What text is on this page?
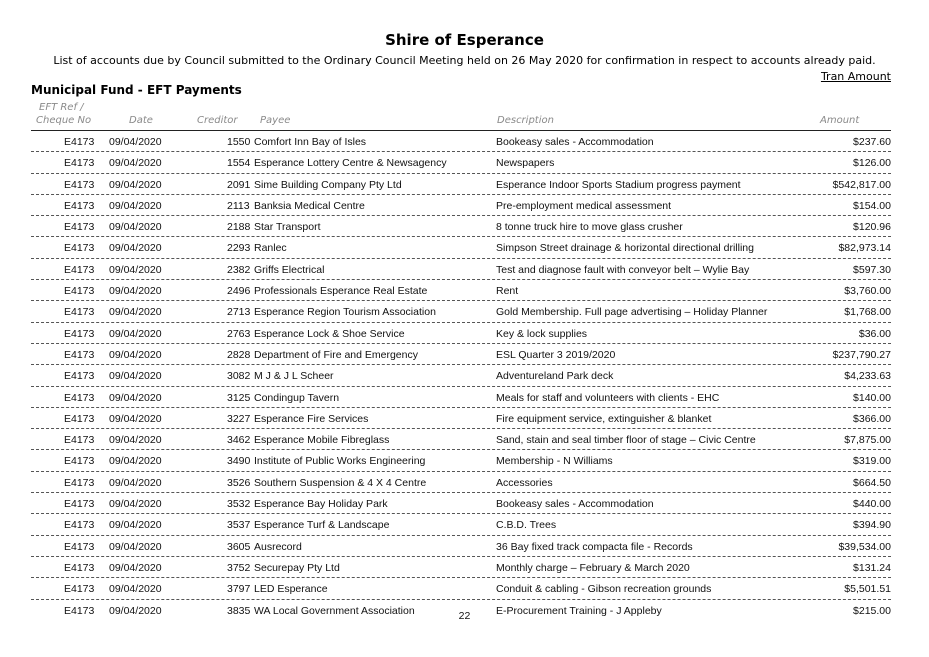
Shire of Esperance
List of accounts due by Council submitted to the Ordinary Council Meeting held on 26 May 2020 for confirmation in respect to accounts already paid.
Tran Amount
Municipal Fund - EFT Payments
EFT Ref /
Cheque No	Date	Creditor Payee	Description	Amount
E4173 09/04/2020	1550 Comfort Inn Bay of Isles	Bookeasy sales - Accommodation	$237.60
E4173 09/04/2020	1554 Esperance Lottery Centre & Newsagency	Newspapers	$126.00
E4173 09/04/2020	2091 Sime Building Company Pty Ltd	Esperance Indoor Sports Stadium progress payment	$542,817.00
E4173 09/04/2020	2113 Banksia Medical Centre	Pre-employment medical assessment	$154.00
E4173 09/04/2020	2188 Star Transport	8 tonne truck hire to move glass crusher	$120.96
E4173 09/04/2020	2293 Ranlec	Simpson Street drainage & horizontal directional drilling	$82,973.14
E4173 09/04/2020	2382 Griffs Electrical	Test and diagnose fault with conveyor belt – Wylie Bay	$597.30
E4173 09/04/2020	2496 Professionals Esperance Real Estate	Rent	$3,760.00
E4173 09/04/2020	2713 Esperance Region Tourism Association	Gold Membership. Full page advertising – Holiday Planner	$1,768.00
E4173 09/04/2020	2763 Esperance Lock & Shoe Service	Key & lock supplies	$36.00
E4173 09/04/2020	2828 Department of Fire and Emergency	ESL Quarter 3 2019/2020	$237,790.27
E4173 09/04/2020	3082 M J & J L Scheer	Adventureland Park deck	$4,233.63
E4173 09/04/2020	3125 Condingup Tavern	Meals for staff and volunteers with clients - EHC	$140.00
E4173 09/04/2020	3227 Esperance Fire Services	Fire equipment service, extinguisher & blanket	$366.00
E4173 09/04/2020	3462 Esperance Mobile Fibreglass	Sand, stain and seal timber floor of stage – Civic Centre	$7,875.00
E4173 09/04/2020	3490 Institute of Public Works Engineering	Membership - N Williams	$319.00
E4173 09/04/2020	3526 Southern Suspension & 4 X 4 Centre	Accessories	$664.50
E4173 09/04/2020	3532 Esperance Bay Holiday Park	Bookeasy sales - Accommodation	$440.00
E4173 09/04/2020	3537 Esperance Turf & Landscape	C.B.D. Trees	$394.90
E4173 09/04/2020	3605 Ausrecord	36 Bay fixed track compacta file - Records	$39,534.00
E4173 09/04/2020	3752 Securepay Pty Ltd	Monthly charge – February & March 2020	$131.24
E4173 09/04/2020	3797 LED Esperance	Conduit & cabling - Gibson recreation grounds	$5,501.51
E4173 09/04/2020	3835 WA Local Government Association	E-Procurement Training - J Appleby	$215.00
22
